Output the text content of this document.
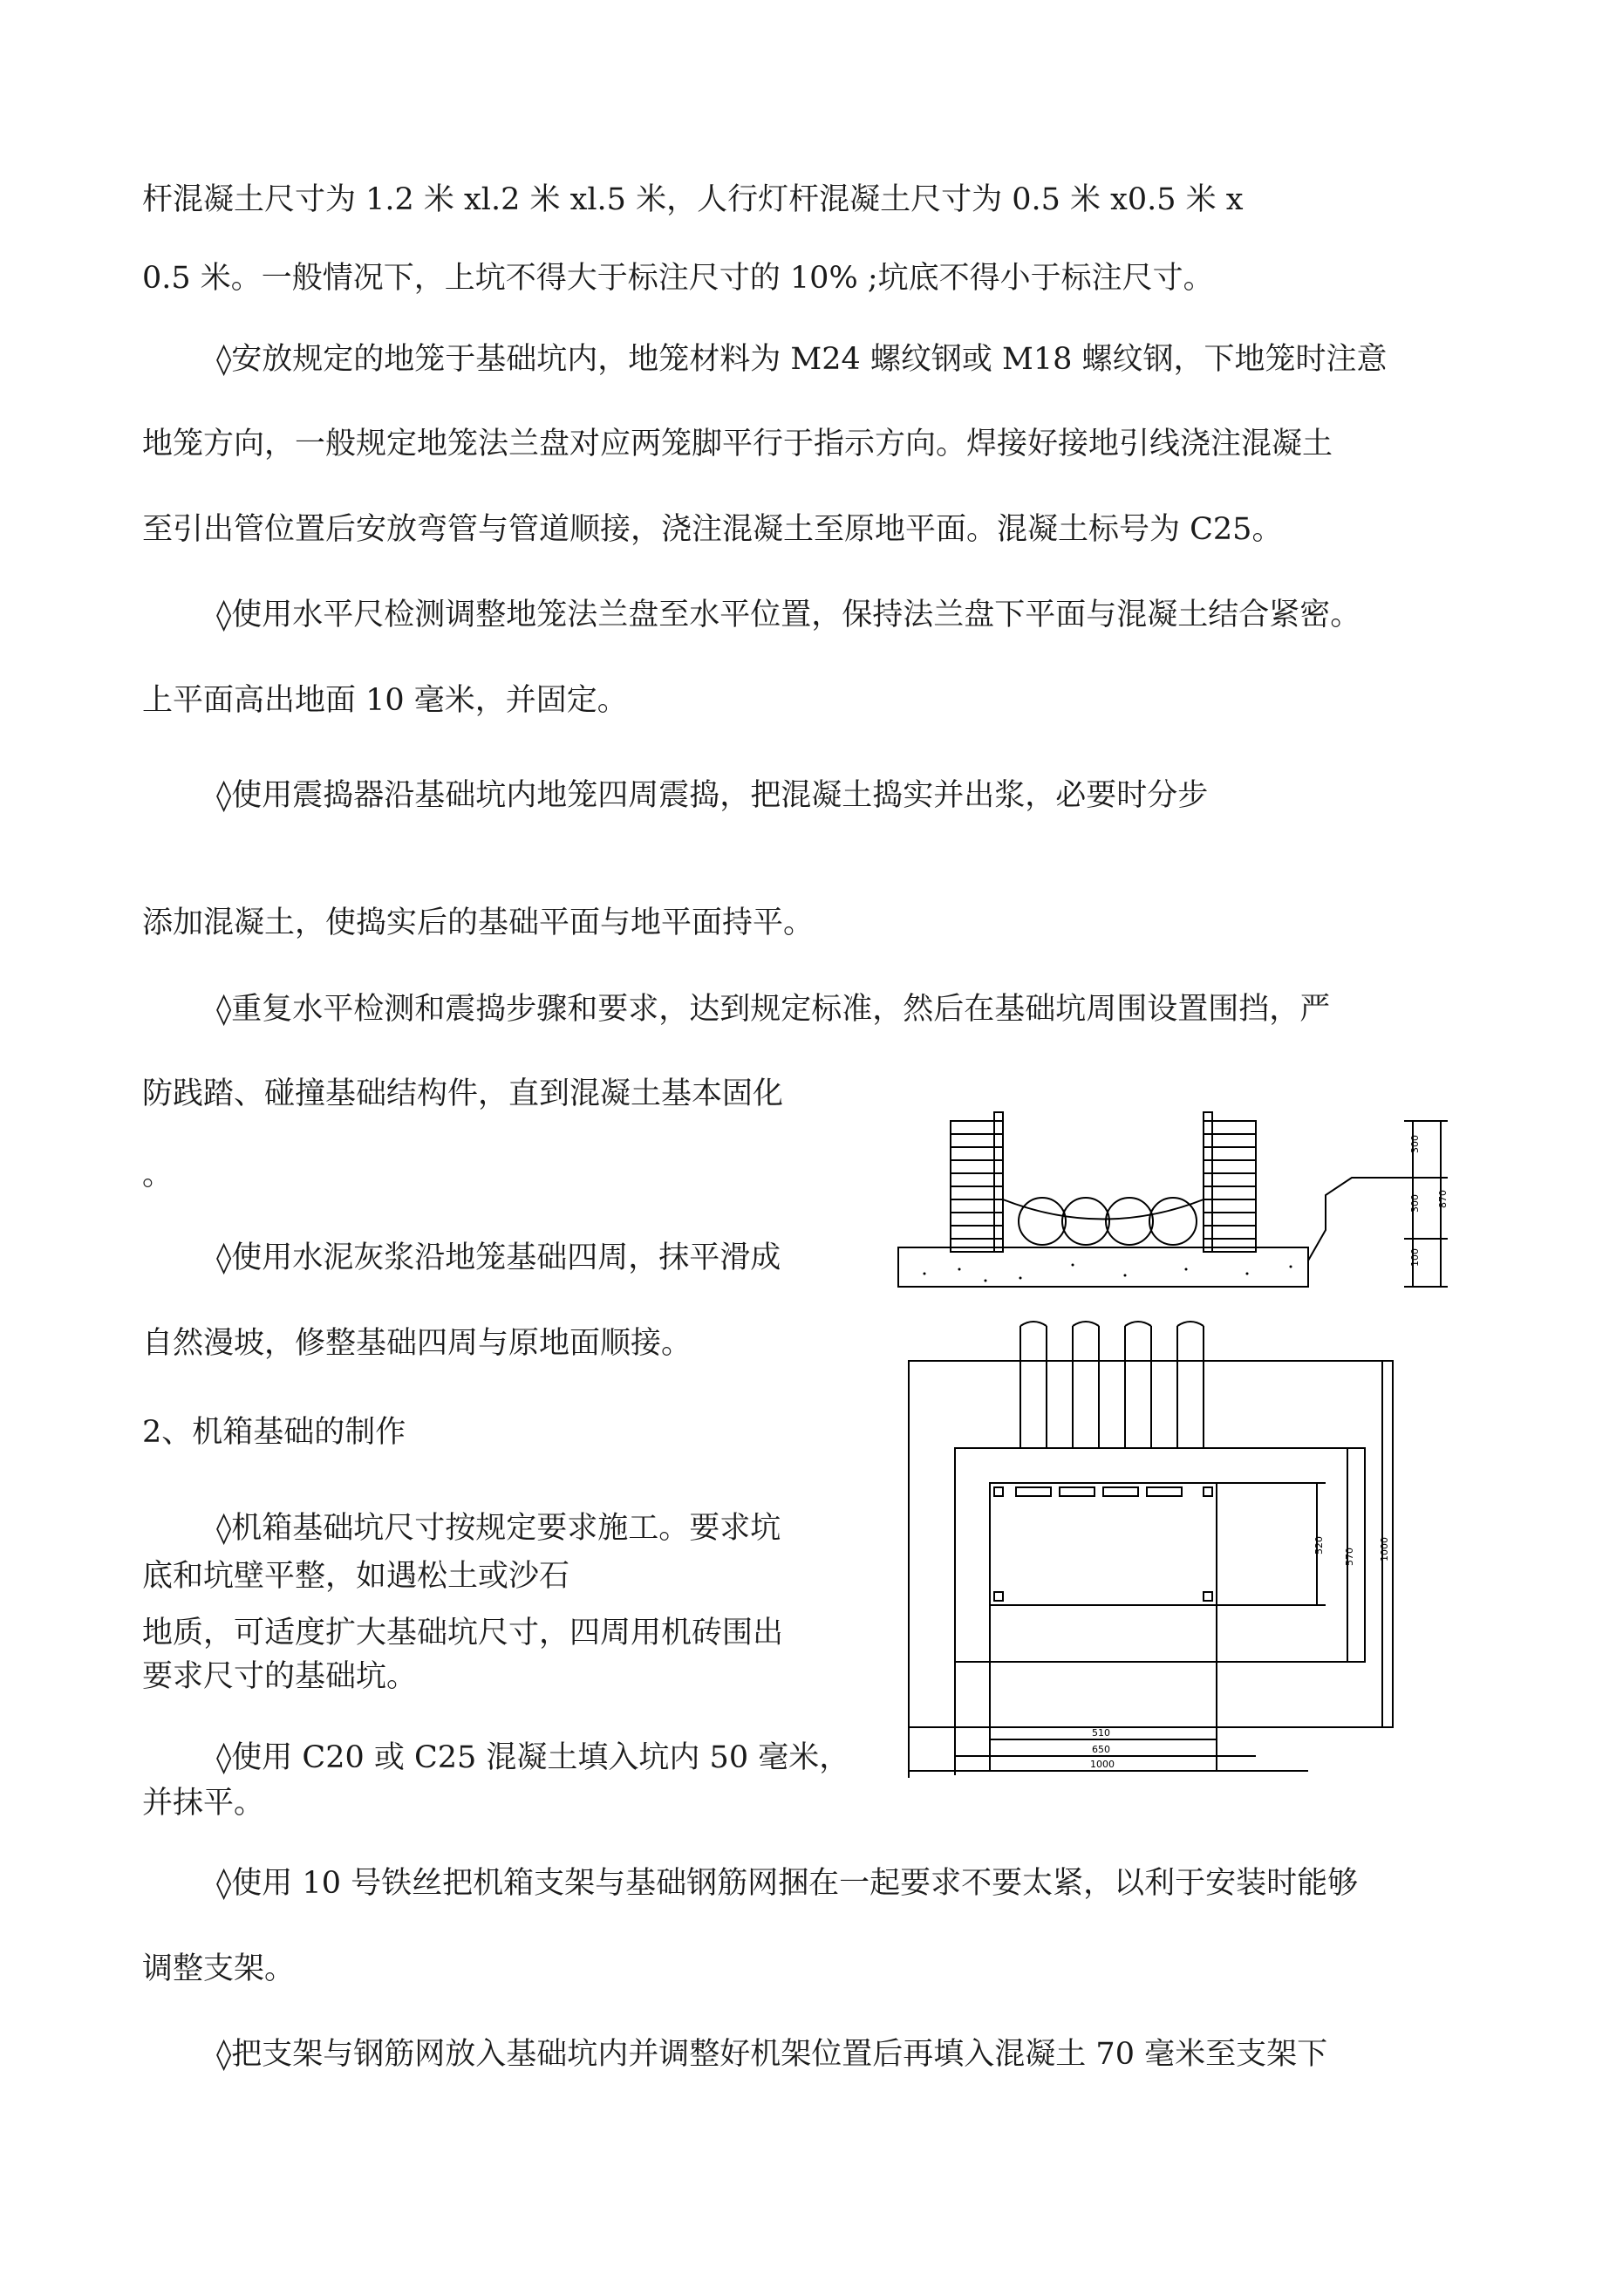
杆混凝土尺寸为 1.2 米 xl.2 米 xl.5 米，人行灯杆混凝土尺寸为 0.5 米 x0.5 米 x
0.5 米。一般情况下，上坑不得大于标注尺寸的 10% ;坑底不得小于标注尺寸。
◊安放规定的地笼于基础坑内，地笼材料为 M24 螺纹钢或 M18 螺纹钢，下地笼时注意
地笼方向，一般规定地笼法兰盘对应两笼脚平行于指示方向。焊接好接地引线浇注混凝土
至引出管位置后安放弯管与管道顺接，浇注混凝土至原地平面。混凝土标号为 C25。
◊使用水平尺检测调整地笼法兰盘至水平位置，保持法兰盘下平面与混凝土结合紧密。
上平面高出地面 10 毫米，并固定。
◊使用震捣器沿基础坑内地笼四周震捣，把混凝土捣实并出浆，必要时分步
添加混凝土，使捣实后的基础平面与地平面持平。
◊重复水平检测和震捣步骤和要求，达到规定标准，然后在基础坑周围设置围挡，严
防践踏、碰撞基础结构件，直到混凝土基本固化
。
◊使用水泥灰浆沿地笼基础四周，抹平滑成
自然漫坡，修整基础四周与原地面顺接。
2、机箱基础的制作
◊机箱基础坑尺寸按规定要求施工。要求坑
底和坑壁平整，如遇松土或沙石
地质，可适度扩大基础坑尺寸，四周用机砖围出
要求尺寸的基础坑。
◊使用 C20 或 C25 混凝土填入坑内 50 毫米，
并抹平。
◊使用 10 号铁丝把机箱支架与基础钢筋网捆在一起要求不要太紧，以利于安装时能够
调整支架。
◊把支架与钢筋网放入基础坑内并调整好机架位置后再填入混凝土 70 毫米至支架下
300
300
100
870
520
570 1000
510
650
1000
